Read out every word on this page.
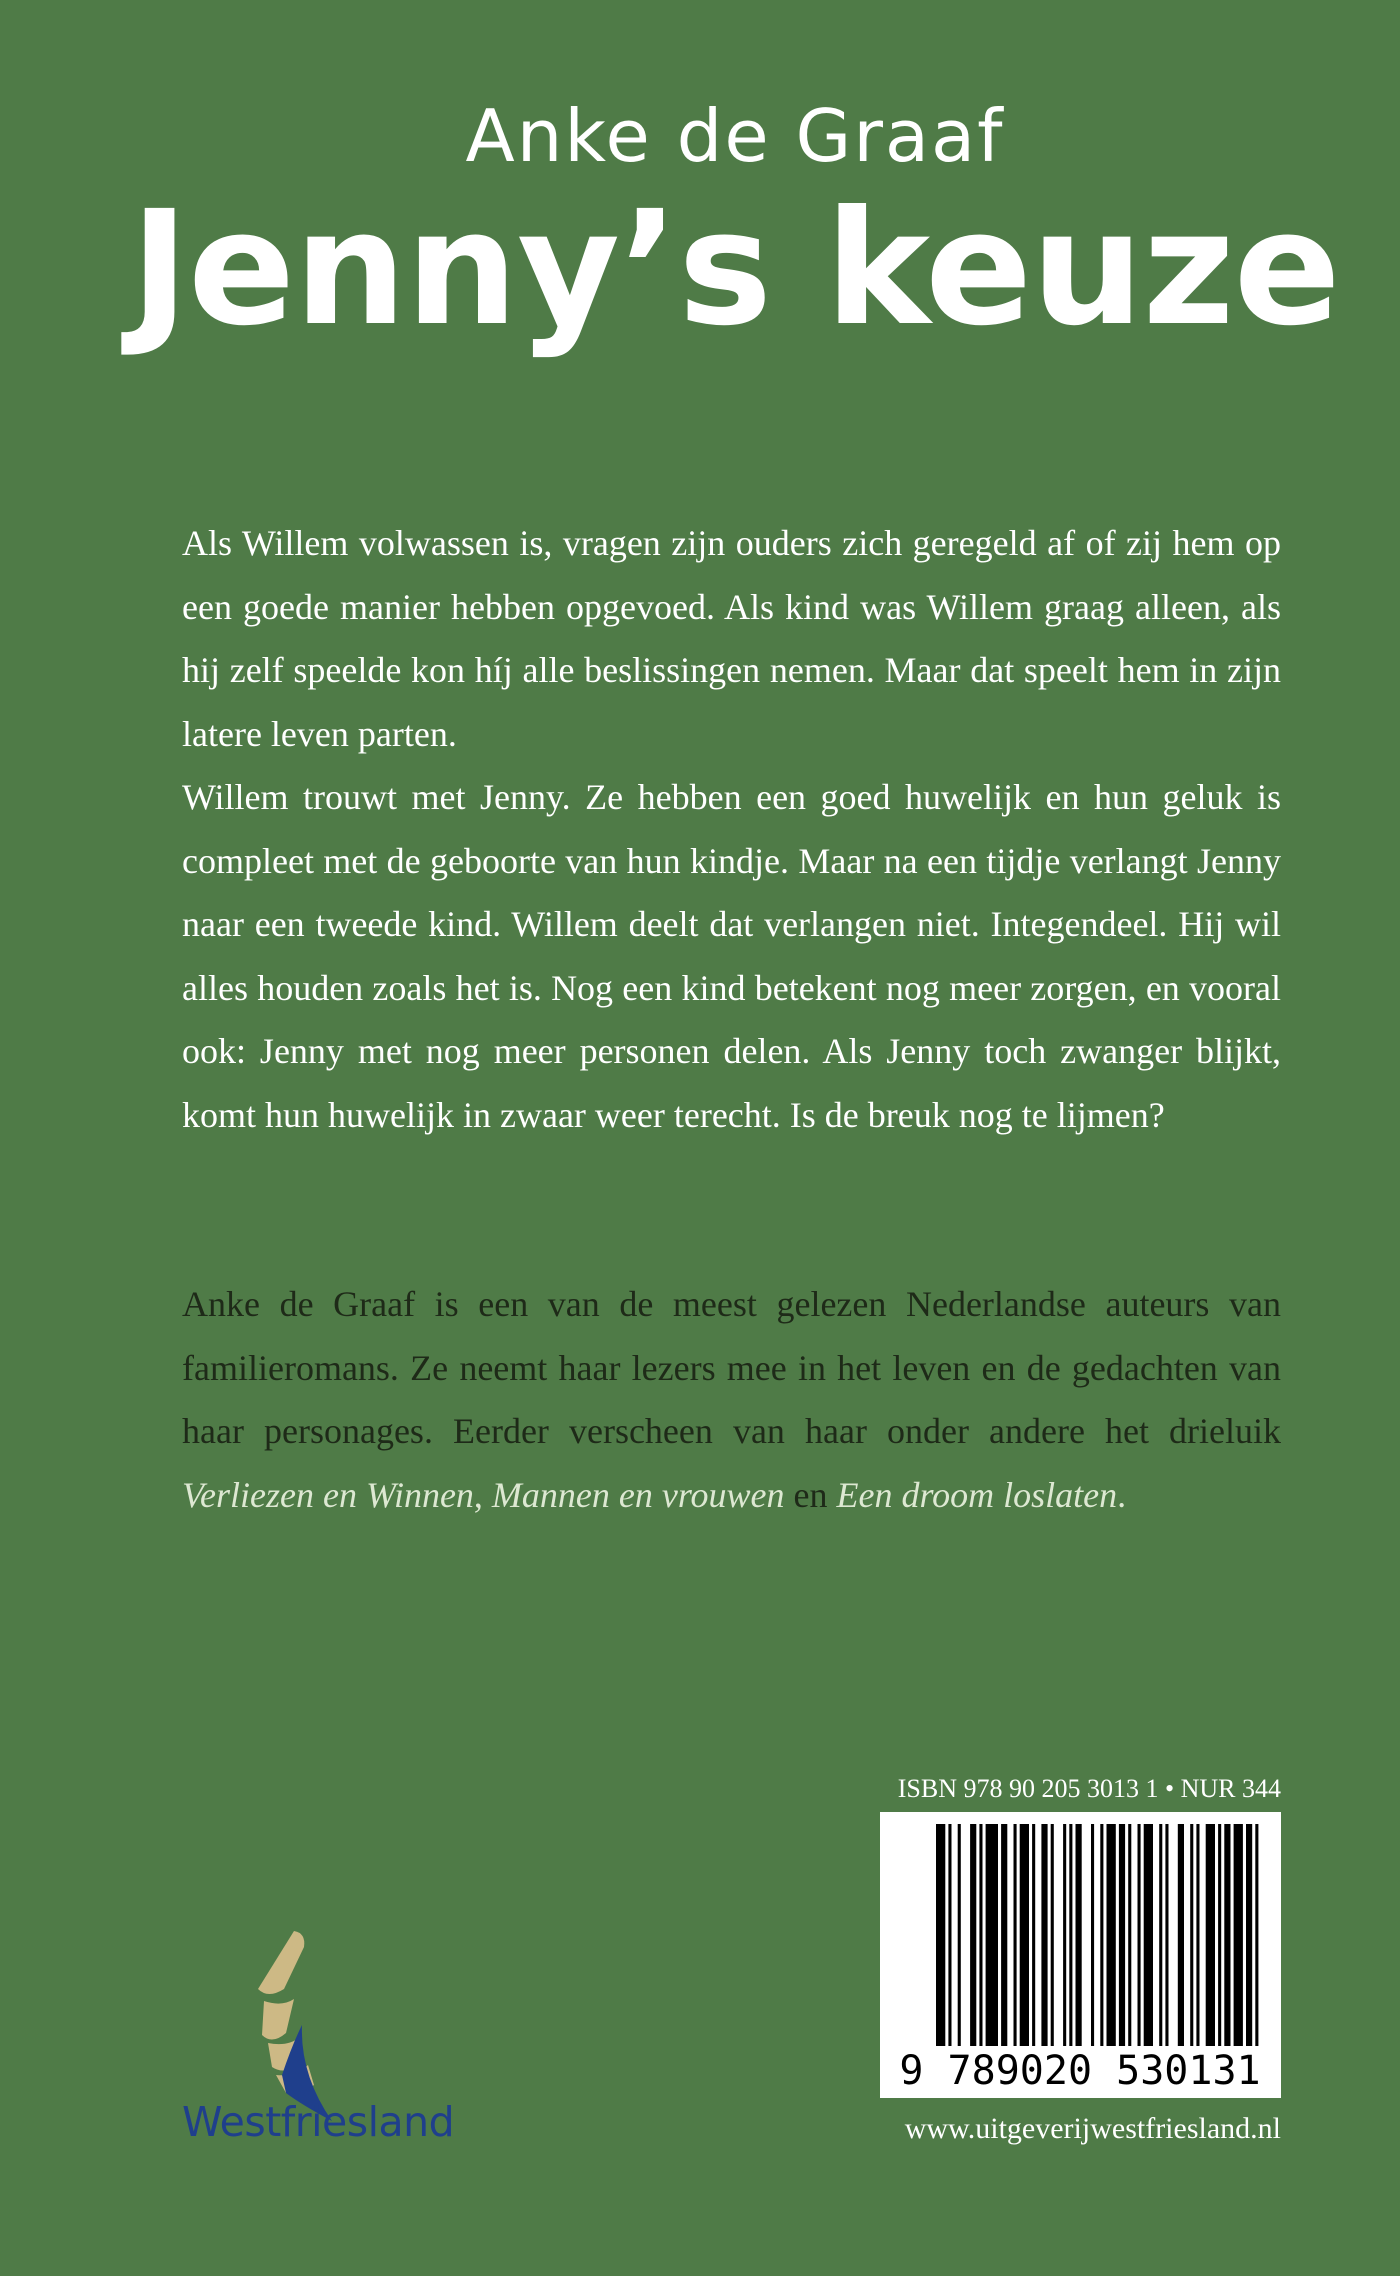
Anke de Graaf
Jenny’s keuze

Als Willem volwassen is, vragen zijn ouders zich geregeld af of zij hem op een goede manier hebben opgevoed. Als kind was Willem graag alleen, als hij zelf speelde kon híj alle beslissingen nemen. Maar dat speelt hem in zijn latere leven parten.

Willem trouwt met Jenny. Ze hebben een goed huwelijk en hun geluk is compleet met de geboorte van hun kindje. Maar na een tijdje verlangt Jenny naar een tweede kind. Willem deelt dat verlangen niet. Integendeel. Hij wil alles houden zoals het is. Nog een kind betekent nog meer zorgen, en vooral ook: Jenny met nog meer personen delen. Als Jenny toch zwanger blijkt, komt hun huwelijk in zwaar weer terecht. Is de breuk nog te lijmen?

Anke de Graaf is een van de meest gelezen Nederlandse auteurs van familieromans. Ze neemt haar lezers mee in het leven en de gedachten van haar personages. Eerder verscheen van haar onder andere het drieluik Verliezen en Winnen, Mannen en vrouwen en Een droom loslaten.

ISBN 978 90 205 3013 1 • NUR 344
9 789020 530131
www.uitgeverijwestfriesland.nl
Westfriesland
